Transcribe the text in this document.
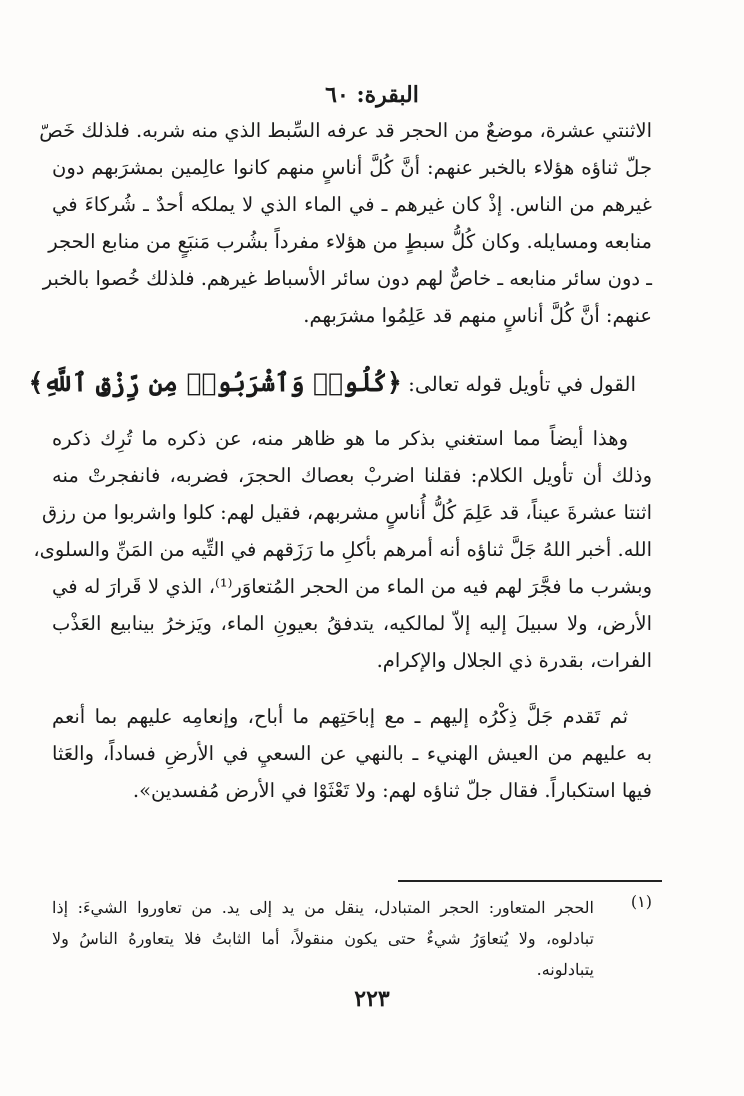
البقرة: ٦٠
الاثنتي عشرة، موضعٌ من الحجر قد عرفه السِّبط الذي منه شربه. فلذلك خَصّ
جلّ ثناؤه هؤلاء بالخبر عنهم: أنَّ كُلَّ أناسٍ منهم كانوا عالِمين بمشرَبهم دون
غيرهم من الناس. إذْ كان غيرهم ـ في الماء الذي لا يملكه أحدٌ ـ شُركاءَ في
منابعه ومسايله. وكان كُلُّ سبطٍ من هؤلاء مفرداً بشُرب مَنبَعٍ من منابع الحجر
ـ دون سائر منابعه ـ خاصٌّ لهم دون سائر الأسباط غيرهم. فلذلك خُصوا بالخبر
عنهم: أنَّ كُلَّ أناسٍ منهم قد عَلِمُوا مشرَبهم.
القول في تأويل قوله تعالى: ﴿كُلُوا۟ وَٱشْرَبُوا۟ مِن رِّزْقِ ٱللَّهِ﴾
وهذا أيضاً مما استغني بذكر ما هو ظاهر منه، عن ذكره ما تُرِك ذكره
وذلك أن تأويل الكلام: فقلنا اضربْ بعصاك الحجرَ، فضربه، فانفجرتْ منه
اثنتا عشرةَ عيناً، قد عَلِمَ كُلُّ أُناسٍ مشربهم، فقيل لهم: كلوا واشربوا من رزق
الله. أخبر اللهُ جَلَّ ثناؤه أنه أمرهم بأكلِ ما رَزَقهم في التِّيه من المَنِّ والسلوى،
وبشرب ما فجَّرَ لهم فيه من الماء من الحجر المُتعاوَر⁽¹⁾، الذي لا قَرارَ له في
الأرض، ولا سبيلَ إليه إلاّ لمالكيه، يتدفقُ بعيونِ الماء، ويَزخرُ بينابيع العَذْب
الفرات، بقدرة ذي الجلال والإكرام.
ثم تَقدم جَلَّ ذِكْرُه إليهم ـ مع إباحَتِهم ما أباح، وإنعامِه عليهم بما أنعم
به عليهم من العيش الهنيء ـ بالنهي عن السعيِ في الأرضِ فساداً، والعَثا
فيها استكباراً. فقال جلّ ثناؤه لهم: ولا تَعْثَوْا في الأرض مُفسدين».
(١)
الحجر المتعاور: الحجر المتبادل، ينقل من يد إلى يد. من تعاوروا الشيءَ: إذا
تبادلوه، ولا يُتعاوَرُ شيءٌ حتى يكون منقولاً، أما الثابتُ فلا يتعاورهُ الناسُ ولا
يتبادلونه.
٢٢٣
